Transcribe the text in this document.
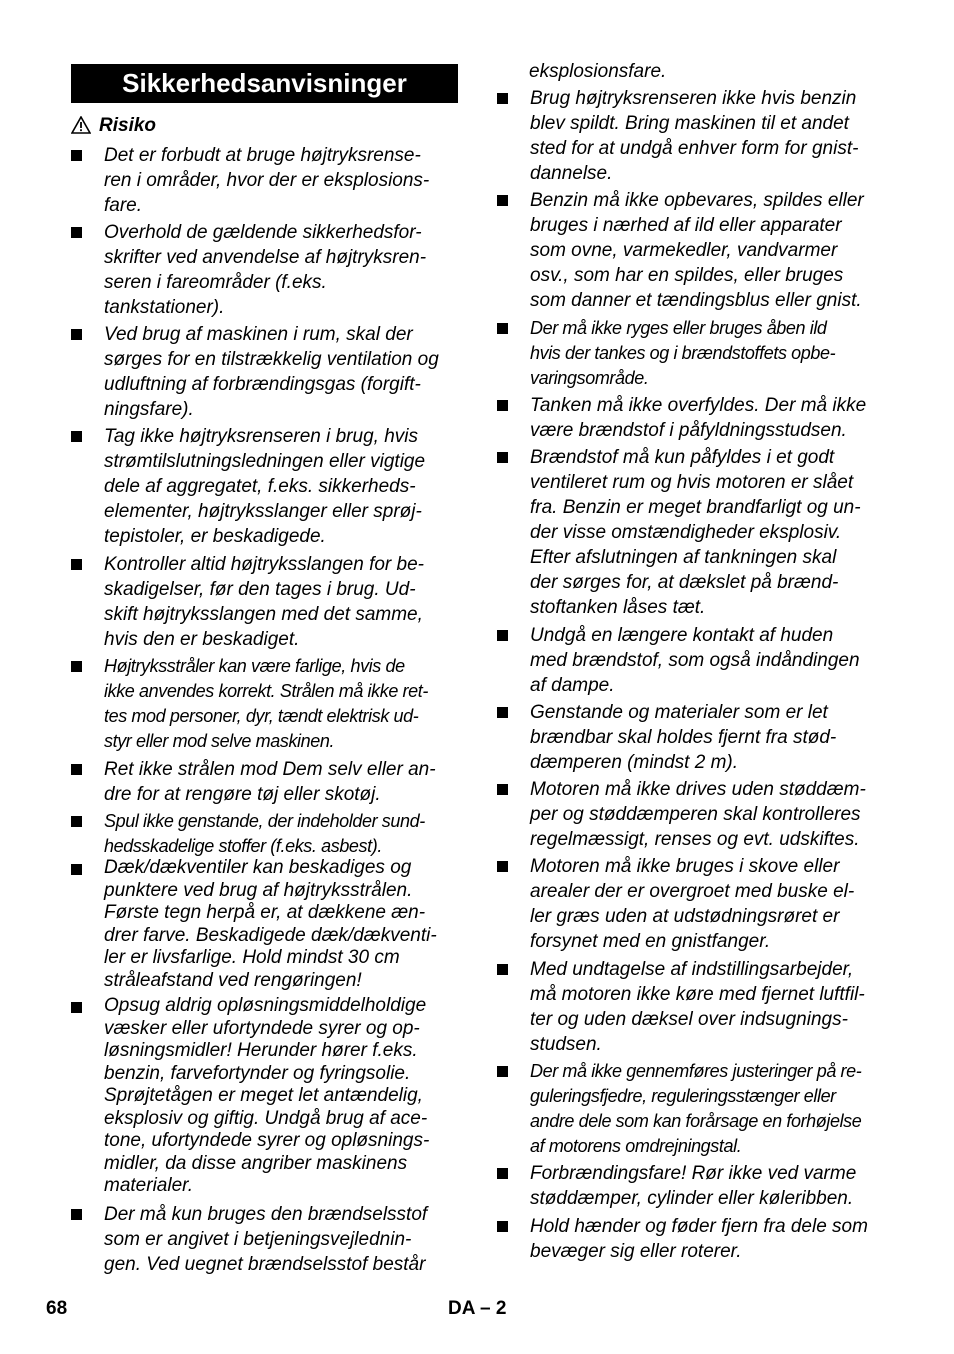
Sikkerhedsanvisninger
Risiko
Det er forbudt at bruge højtryksrense-
ren i områder, hvor der er eksplosions-
fare.
Overhold de gældende sikkerhedsfor-
skrifter ved anvendelse af højtryksren-
seren i fareområder (f.eks.
tankstationer).
Ved brug af maskinen i rum, skal der
sørges for en tilstrækkelig ventilation og
udluftning af forbrændingsgas (forgift-
ningsfare).
Tag ikke højtryksrenseren i brug, hvis
strømtilslutningsledningen eller vigtige
dele af aggregatet, f.eks. sikkerheds-
elementer, højtryksslanger eller sprøj-
tepistoler, er beskadigede.
Kontroller altid højtryksslangen for be-
skadigelser, før den tages i brug. Ud-
skift højtryksslangen med det samme,
hvis den er beskadiget.
Højtryksstråler kan være farlige, hvis de
ikke anvendes korrekt. Strålen må ikke ret-
tes mod personer, dyr, tændt elektrisk ud-
styr eller mod selve maskinen.
Ret ikke strålen mod Dem selv eller an-
dre for at rengøre tøj eller skotøj.
Spul ikke genstande, der indeholder sund-
hedsskadelige stoffer (f.eks. asbest).
Dæk/dækventiler kan beskadiges og
punktere ved brug af højtryksstrålen.
Første tegn herpå er, at dækkene æn-
drer farve. Beskadigede dæk/dækventi-
ler er livsfarlige. Hold mindst 30 cm
stråleafstand ved rengøringen!
Opsug aldrig opløsningsmiddelholdige
væsker eller ufortyndede syrer og op-
løsningsmidler! Herunder hører f.eks.
benzin, farvefortynder og fyringsolie.
Sprøjtetågen er meget let antændelig,
eksplosiv og giftig. Undgå brug af ace-
tone, ufortyndede syrer og opløsnings-
midler, da disse angriber maskinens
materialer.
Der må kun bruges den brændselsstof
som er angivet i betjeningsvejlednin-
gen. Ved uegnet brændselsstof består
eksplosionsfare.
Brug højtryksrenseren ikke hvis benzin
blev spildt. Bring maskinen til et andet
sted for at undgå enhver form for gnist-
dannelse.
Benzin må ikke opbevares, spildes eller
bruges i nærhed af ild eller apparater
som ovne, varmekedler, vandvarmer
osv., som har en spildes, eller bruges
som danner et tændingsblus eller gnist.
Der må ikke ryges eller bruges åben ild
hvis der tankes og i brændstoffets opbe-
varingsområde.
Tanken må ikke overfyldes. Der må ikke
være brændstof i påfyldningsstudsen.
Brændstof må kun påfyldes i et godt
ventileret rum og hvis motoren er slået
fra. Benzin er meget brandfarligt og un-
der visse omstændigheder eksplosiv.
Efter afslutningen af tankningen skal
der sørges for, at dækslet på brænd-
stoftanken låses tæt.
Undgå en længere kontakt af huden
med brændstof, som også indåndingen
af dampe.
Genstande og materialer som er let
brændbar skal holdes fjernt fra stød-
dæmperen (mindst 2 m).
Motoren må ikke drives uden støddæm-
per og støddæmperen skal kontrolleres
regelmæssigt, renses og evt. udskiftes.
Motoren må ikke bruges i skove eller
arealer der er overgroet med buske el-
ler græs uden at udstødningsrøret er
forsynet med en gnistfanger.
Med undtagelse af indstillingsarbejder,
må motoren ikke køre med fjernet luftfil-
ter og uden dæksel over indsugnings-
studsen.
Der må ikke gennemføres justeringer på re-
guleringsfjedre, reguleringsstænger eller
andre dele som kan forårsage en forhøjelse
af motorens omdrejningstal.
Forbrændingsfare! Rør ikke ved varme
støddæmper, cylinder eller køleribben.
Hold hænder og føder fjern fra dele som
bevæger sig eller roterer.
68	DA – 2
